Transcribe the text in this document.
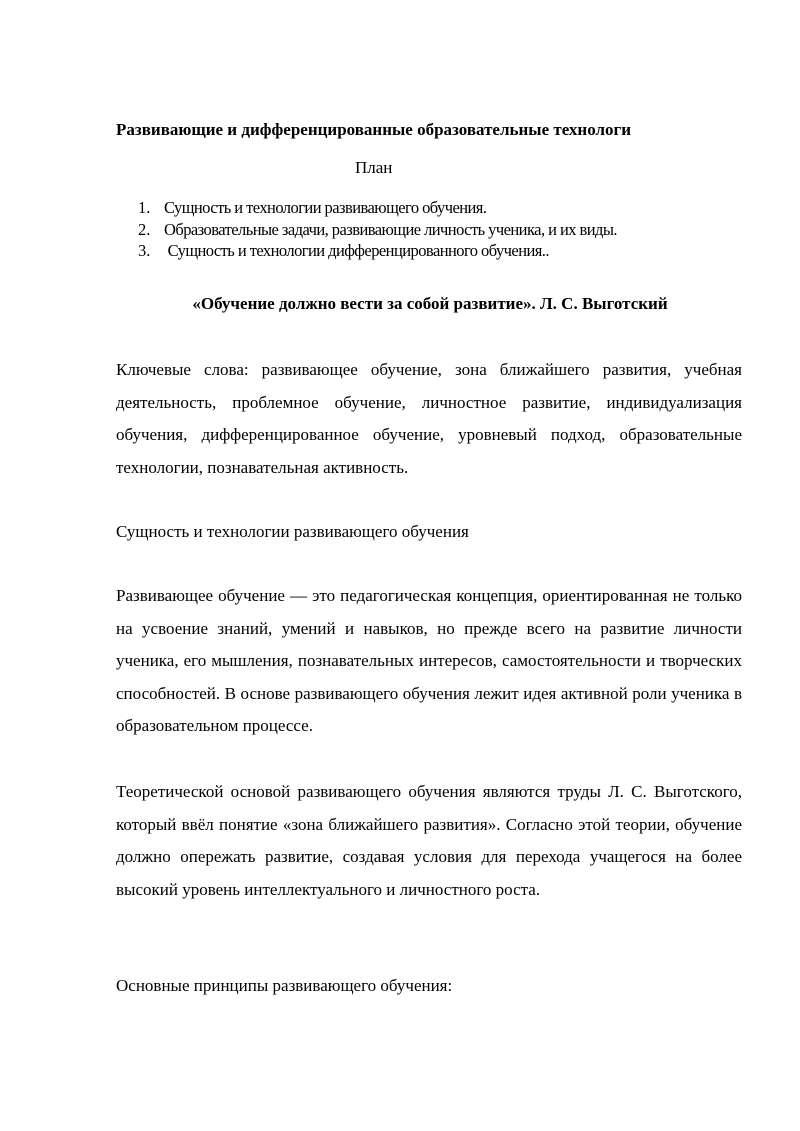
Развивающие и дифференцированные образовательные технологи

План

1. Сущность и технологии развивающего обучения.
2. Образовательные задачи, развивающие личность ученика, и их виды.
3. Сущность и технологии дифференцированного обучения..

«Обучение должно вести за собой развитие». Л. С. Выготский

Ключевые слова: развивающее обучение, зона ближайшего развития, учебная деятельность, проблемное обучение, личностное развитие, индивидуализация обучения, дифференцированное обучение, уровневый подход, образовательные технологии, познавательная активность.

Сущность и технологии развивающего обучения

Развивающее обучение — это педагогическая концепция, ориентированная не только на усвоение знаний, умений и навыков, но прежде всего на развитие личности ученика, его мышления, познавательных интересов, самостоятельности и творческих способностей. В основе развивающего обучения лежит идея активной роли ученика в образовательном процессе.

Теоретической основой развивающего обучения являются труды Л. С. Выготского, который ввёл понятие «зона ближайшего развития». Согласно этой теории, обучение должно опережать развитие, создавая условия для перехода учащегося на более высокий уровень интеллектуального и личностного роста.

Основные принципы развивающего обучения:
